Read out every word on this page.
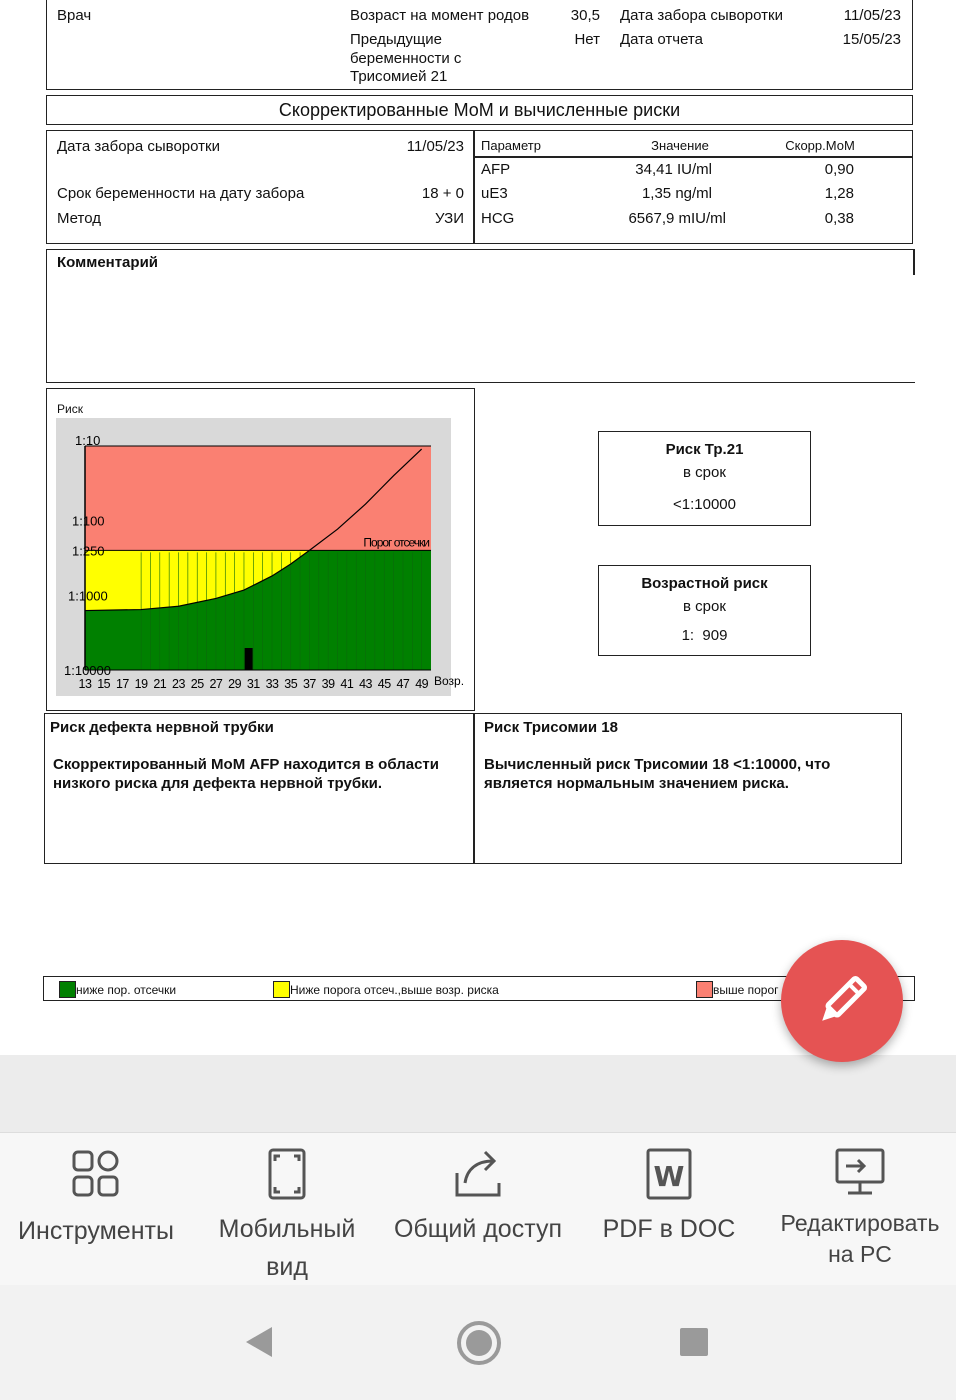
Врач	Возраст на момент родов	30,5 Дата забора сыворотки	11/05/23
Предыдущие
беременности с
Трисомией 21
Нет Дата отчета	15/05/23
Скорректированные МоМ и вычисленные риски
Дата забора сыворотки	11/05/23
Срок беременности на дату забора	18 + 0
Метод	УЗИ
Параметр	Значение	Скорр.МоМ
AFP	34,41 IU/ml	0,90
uE3	1,35 ng/ml	1,28
HCG	6567,9 mIU/ml	0,38
Комментарий
Риск
1:10
1:100
1:250
1:1000
1:10000
13 15 17 19 21 23 25 27 29 31 33 35 37 39 41 43 45 47 49 Возр.
Порог отсечки
Риск Тр.21
в срок
<1:10000
Возрастной риск
в срок
1:  909
Риск дефекта нервной трубки
Скорректированный МоМ AFP находится в области
низкого риска для дефекта нервной трубки.
Риск Трисомии 18
Вычисленный риск Трисомии 18 <1:10000, что
является нормальным значением риска.
ниже пор. отсечки	Ниже порога отсеч.,выше возр. риска	выше порог
Инструменты	Мобильный
вид
Общий доступ
W
PDF в DOC	Редактировать
на PC
